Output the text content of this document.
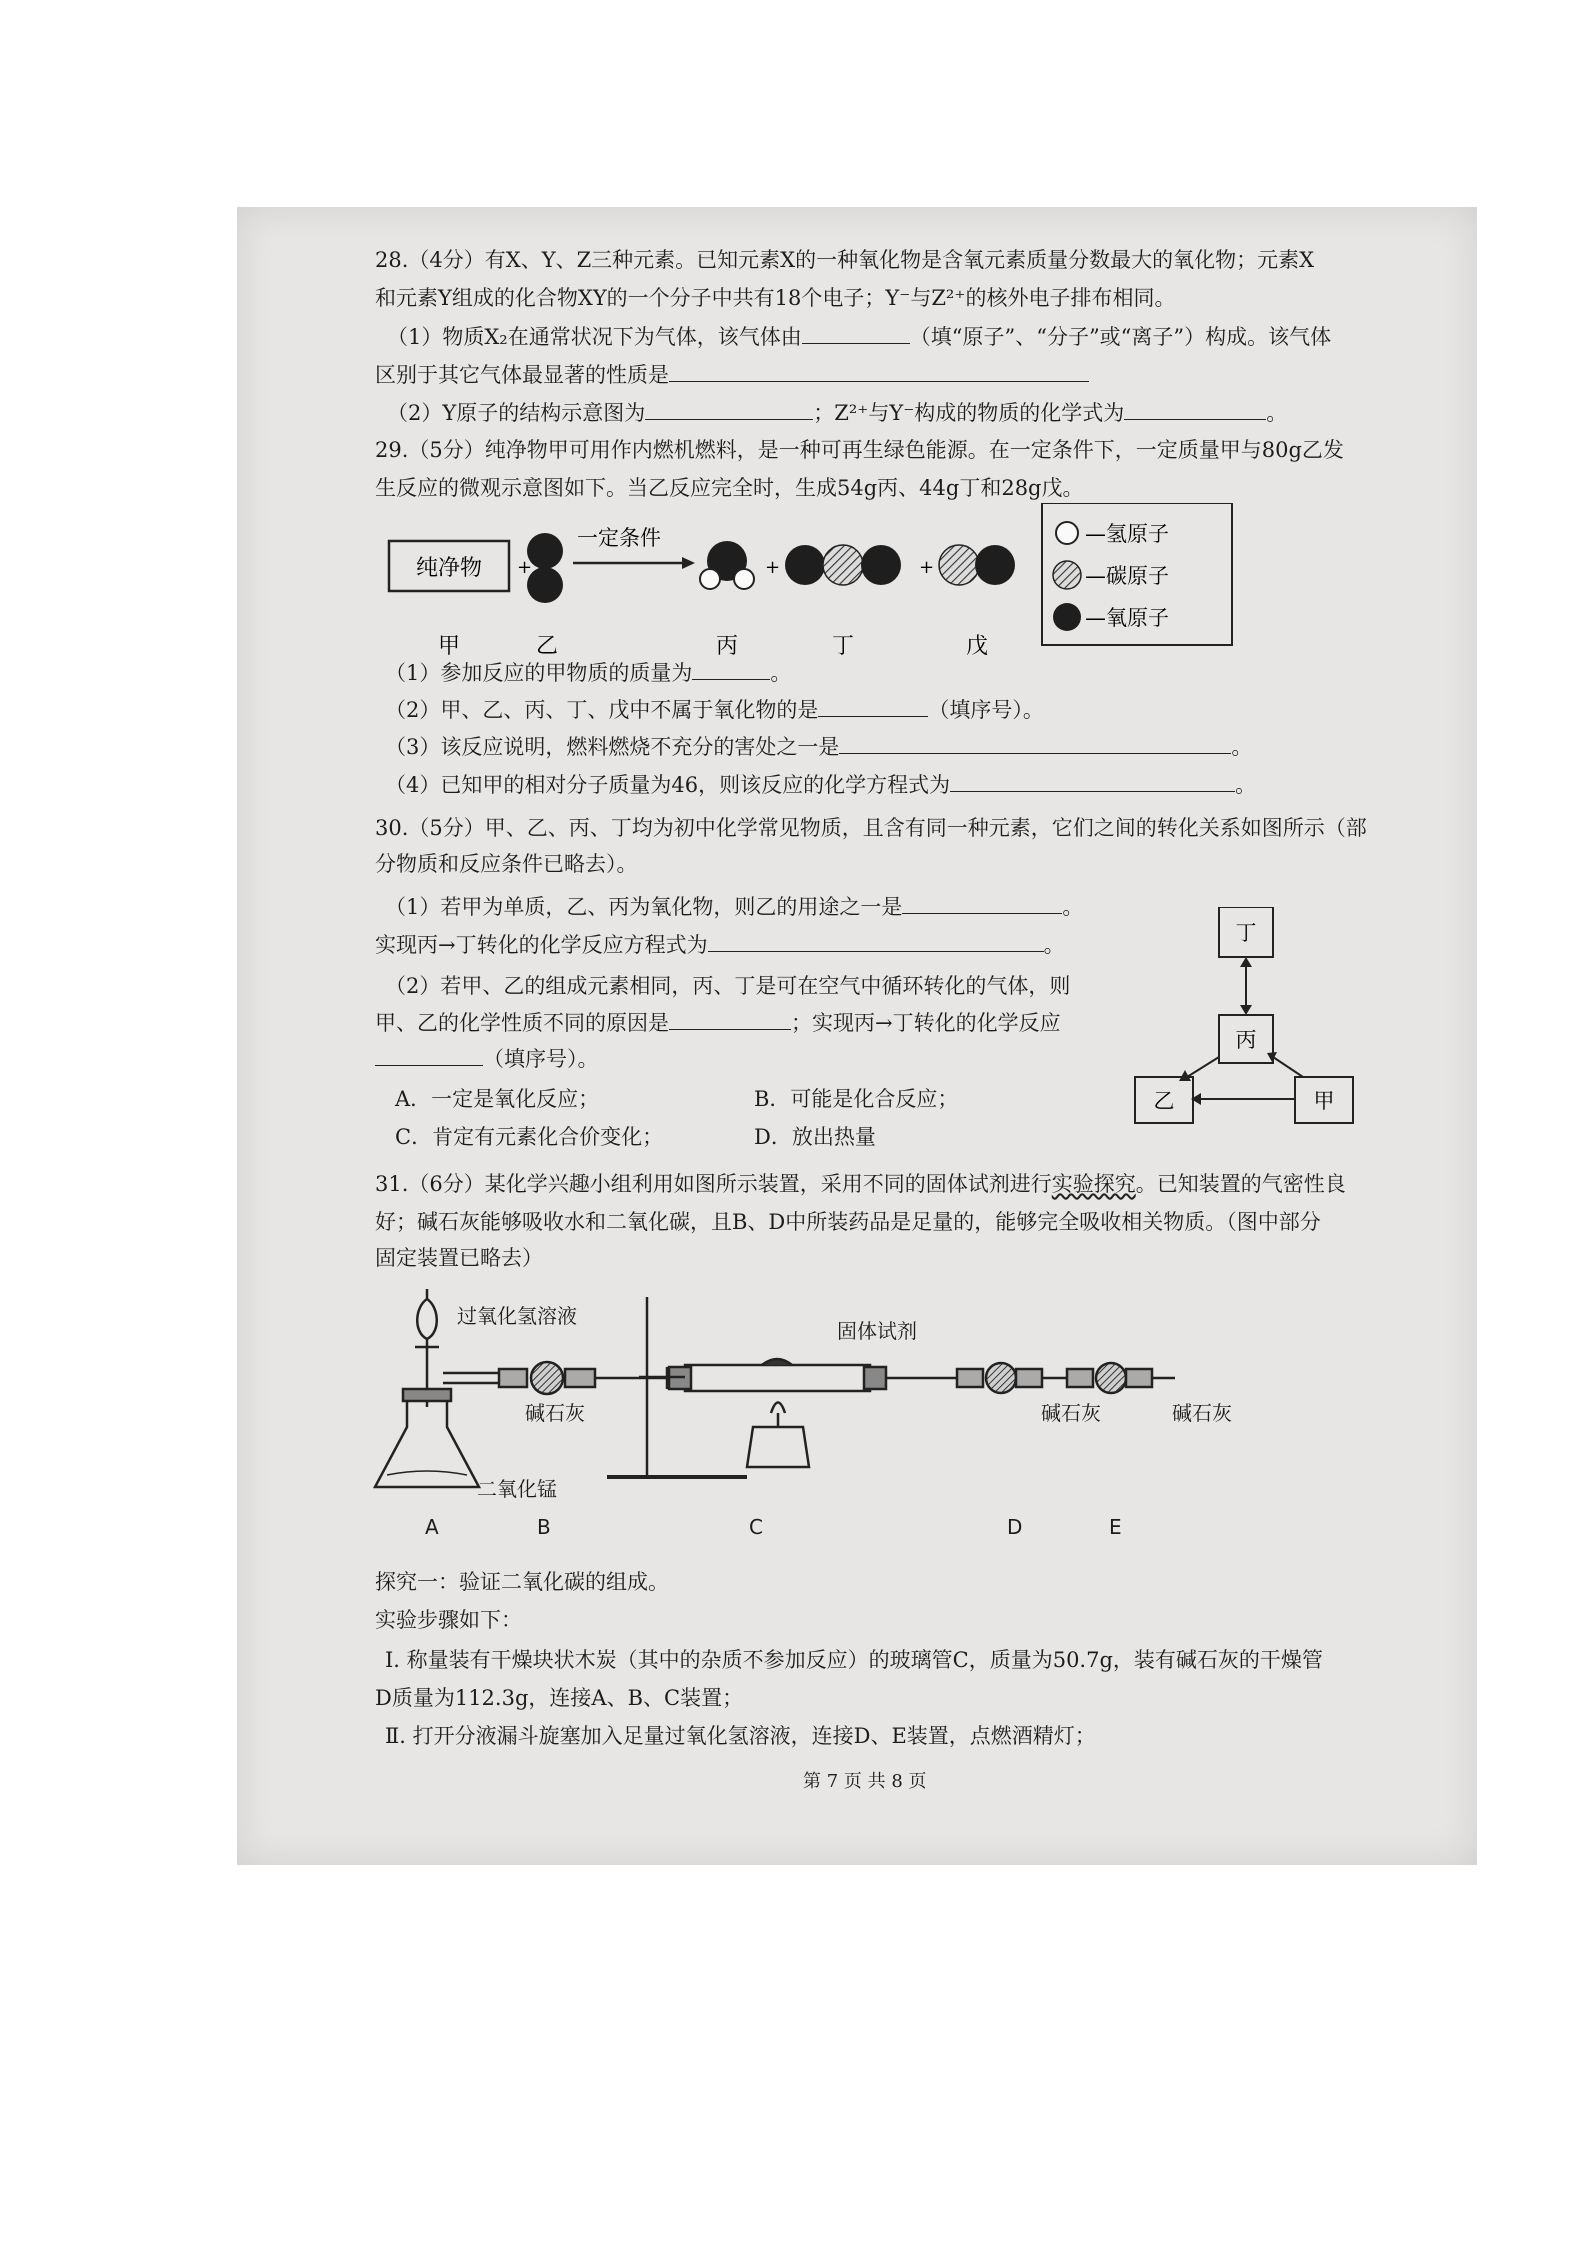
28.（4分）有X、Y、Z三种元素。已知元素X的一种氧化物是含氧元素质量分数最大的氧化物；元素X
和元素Y组成的化合物XY的一个分子中共有18个电子；Y⁻与Z²⁺的核外电子排布相同。
（1）物质X₂在通常状况下为气体，该气体由	（填“原子”、“分子”或“离子”）构成。该气体
区别于其它气体最显著的性质是
（2）Y原子的结构示意图为	；Z²⁺与Y⁻构成的物质的化学式为	。
29.（5分）纯净物甲可用作内燃机燃料，是一种可再生绿色能源。在一定条件下，一定质量甲与80g乙发
生反应的微观示意图如下。当乙反应完全时，生成54g丙、44g丁和28g戊。
纯净物 +
一定条件
+	+
甲	乙	丙	丁	戊
—氢原子
—碳原子
—氧原子
（1）参加反应的甲物质的质量为	。
（2）甲、乙、丙、丁、戊中不属于氧化物的是	（填序号）。
（3）该反应说明，燃料燃烧不充分的害处之一是	。
（4）已知甲的相对分子质量为46，则该反应的化学方程式为	。
30.（5分）甲、乙、丙、丁均为初中化学常见物质，且含有同一种元素，它们之间的转化关系如图所示（部
分物质和反应条件已略去）。
（1）若甲为单质，乙、丙为氧化物，则乙的用途之一是	。
实现丙→丁转化的化学反应方程式为	。
（2）若甲、乙的组成元素相同，丙、丁是可在空气中循环转化的气体，则
甲、乙的化学性质不同的原因是	；实现丙→丁转化的化学反应
（填序号）。
A．一定是氧化反应；	B．可能是化合反应；
C．肯定有元素化合价变化；	D．放出热量
丁
丙
乙	甲
31.（6分）某化学兴趣小组利用如图所示装置，采用不同的固体试剂进行实验探究。已知装置的气密性良
好；碱石灰能够吸收水和二氧化碳，且B、D中所装药品是足量的，能够完全吸收相关物质。（图中部分
固定装置已略去）
过氧化氢溶液
固体试剂
碱石灰	碱石灰	碱石灰
二氧化锰
A	B	C	D	E
探究一：验证二氧化碳的组成。
实验步骤如下：
Ⅰ. 称量装有干燥块状木炭（其中的杂质不参加反应）的玻璃管C，质量为50.7g，装有碱石灰的干燥管
D质量为112.3g，连接A、B、C装置；
Ⅱ. 打开分液漏斗旋塞加入足量过氧化氢溶液，连接D、E装置，点燃酒精灯；
第 7 页 共 8 页
